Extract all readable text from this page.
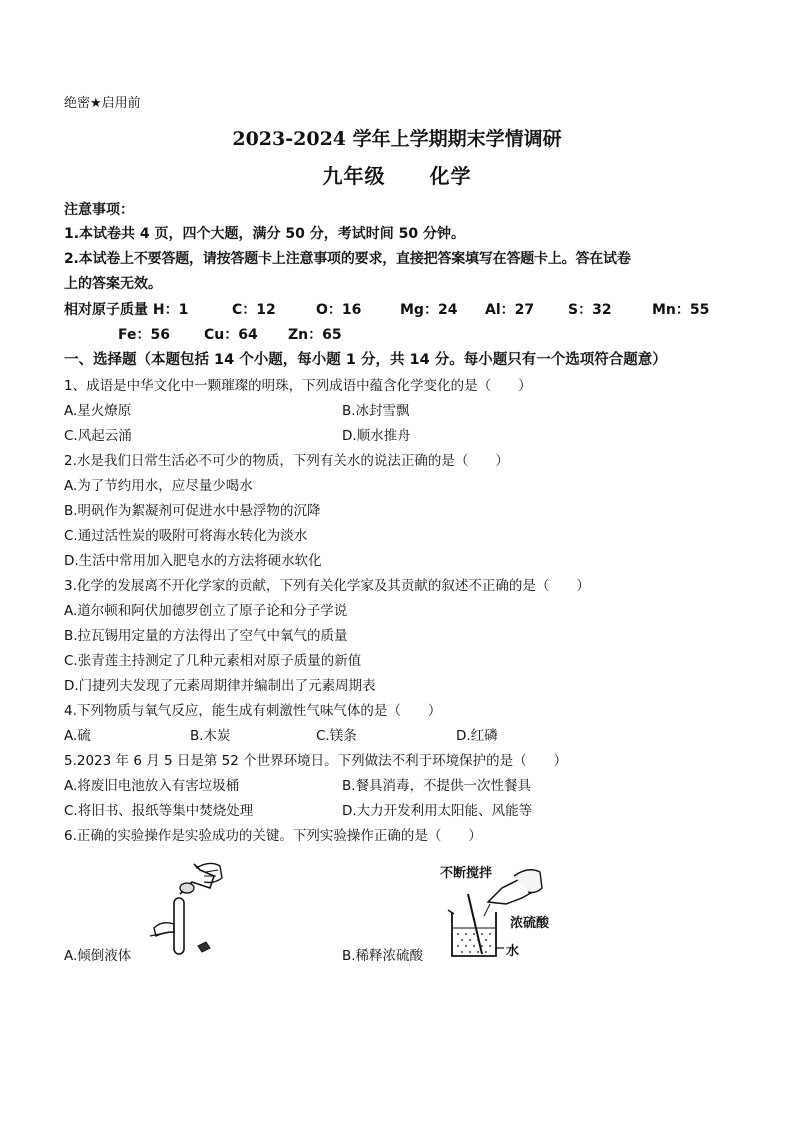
绝密★启用前
2023-2024 学年上学期期末学情调研
九年级 化学
注意事项：
1.本试卷共 4 页，四个大题，满分 50 分，考试时间 50 分钟。
2.本试卷上不要答题，请按答题卡上注意事项的要求，直接把答案填写在答题卡上。答在试卷
上的答案无效。
相对原子质量 H：1	C：12	O：16	Mg：24 Al：27 S：32	Mn：55
Fe：56 Cu：64 Zn：65
一、选择题（本题包括 14 个小题，每小题 1 分，共 14 分。每小题只有一个选项符合题意）
1、成语是中华文化中一颗璀璨的明珠，下列成语中蕴含化学变化的是（　　）
A.星火燎原	B.冰封雪飘
C.风起云涌	D.顺水推舟
2.水是我们日常生活必不可少的物质，下列有关水的说法正确的是（　　）
A.为了节约用水，应尽量少喝水
B.明矾作为絮凝剂可促进水中悬浮物的沉降
C.通过活性炭的吸附可将海水转化为淡水
D.生活中常用加入肥皂水的方法将硬水软化
3.化学的发展离不开化学家的贡献，下列有关化学家及其贡献的叙述不正确的是（　　）
A.道尔顿和阿伏加德罗创立了原子论和分子学说
B.拉瓦锡用定量的方法得出了空气中氧气的质量
C.张青莲主持测定了几种元素相对原子质量的新值
D.门捷列夫发现了元素周期律并编制出了元素周期表
4.下列物质与氧气反应，能生成有刺激性气味气体的是（　　）
A.硫	B.木炭	C.镁条	D.红磷
5.2023 年 6 月 5 日是第 52 个世界环境日。下列做法不利于环境保护的是（　　）
A.将废旧电池放入有害垃圾桶	B.餐具消毒，不提供一次性餐具
C.将旧书、报纸等集中焚烧处理	D.大力开发利用太阳能、风能等
6.正确的实验操作是实验成功的关键。下列实验操作正确的是（　　）
A.倾倒液体
不断搅拌
浓硫酸
水
B.稀释浓硫酸
